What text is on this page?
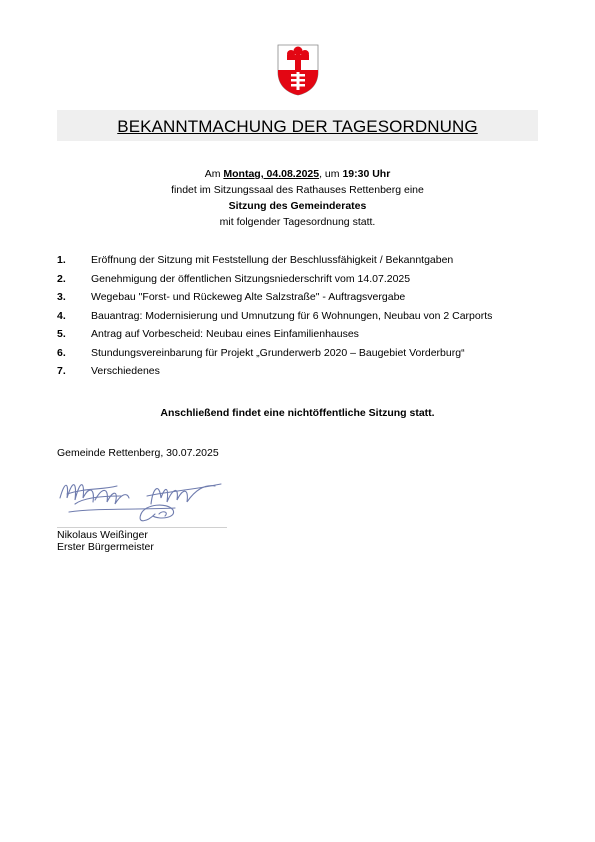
BEKANNTMACHUNG DER TAGESORDNUNG
Am Montag, 04.08.2025, um 19:30 Uhr
findet im Sitzungssaal des Rathauses Rettenberg eine
Sitzung des Gemeinderates
mit folgender Tagesordnung statt.
1. Eröffnung der Sitzung mit Feststellung der Beschlussfähigkeit / Bekanntgaben
2. Genehmigung der öffentlichen Sitzungsniederschrift vom 14.07.2025
3. Wegebau "Forst- und Rückeweg Alte Salzstraße" - Auftragsvergabe
4. Bauantrag: Modernisierung und Umnutzung für 6 Wohnungen, Neubau von 2 Carports
5. Antrag auf Vorbescheid: Neubau eines Einfamilienhauses
6. Stundungsvereinbarung für Projekt „Grunderwerb 2020 – Baugebiet Vorderburg“
7. Verschiedenes
Anschließend findet eine nichtöffentliche Sitzung statt.
Gemeinde Rettenberg, 30.07.2025
Nikolaus Weißinger
Erster Bürgermeister
